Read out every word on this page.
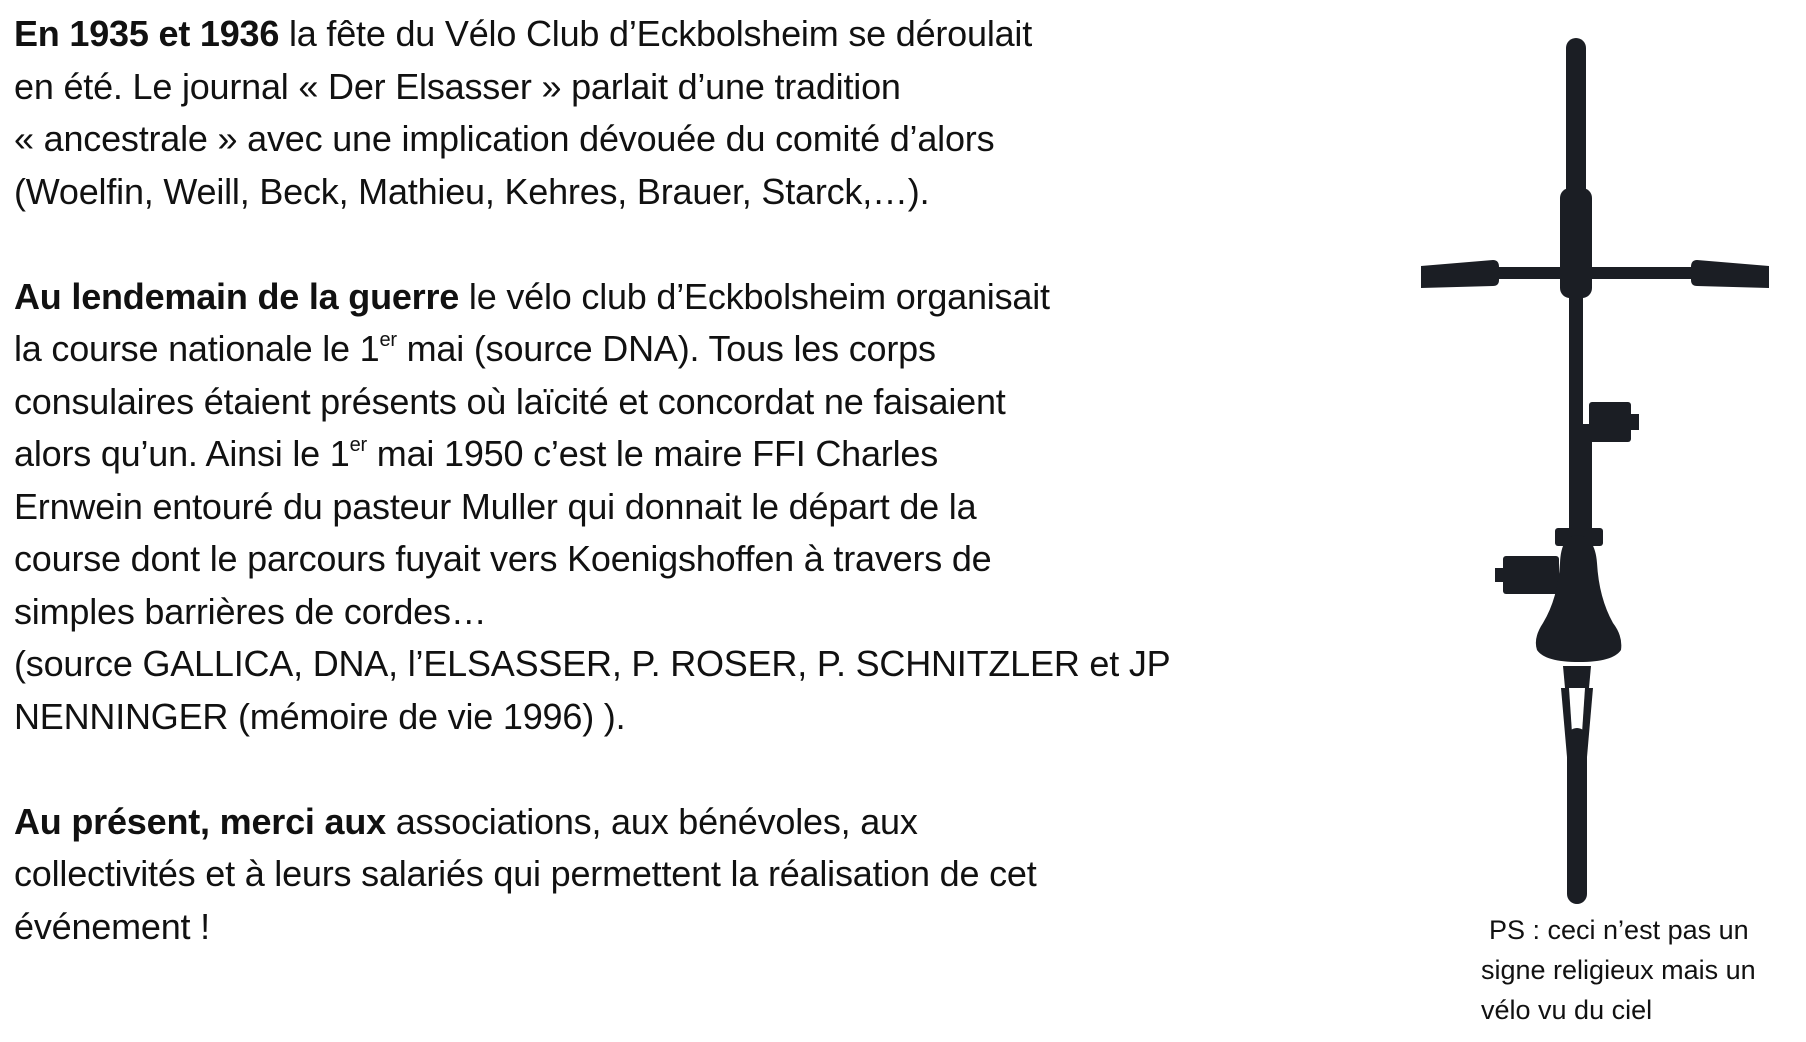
En 1935 et 1936 la fête du Vélo Club d’Eckbolsheim se déroulait
en été. Le journal « Der Elsasser » parlait d’une tradition
« ancestrale » avec une implication dévouée du comité d’alors
(Woelfin, Weill, Beck, Mathieu, Kehres, Brauer, Starck,…).

Au lendemain de la guerre le vélo club d’Eckbolsheim organisait
la course nationale le 1er mai (source DNA). Tous les corps
consulaires étaient présents où laïcité et concordat ne faisaient
alors qu’un. Ainsi le 1er mai 1950 c’est le maire FFI Charles
Ernwein entouré du pasteur Muller qui donnait le départ de la
course dont le parcours fuyait vers Koenigshoffen à travers de
simples barrières de cordes…
(source GALLICA, DNA, l’ELSASSER, P. ROSER, P. SCHNITZLER et JP
NENNINGER (mémoire de vie 1996) ).

Au présent, merci aux associations, aux bénévoles, aux
collectivités et à leurs salariés qui permettent la réalisation de cet
événement !	PS : ceci n’est pas un
signe religieux mais un
vélo vu du ciel
